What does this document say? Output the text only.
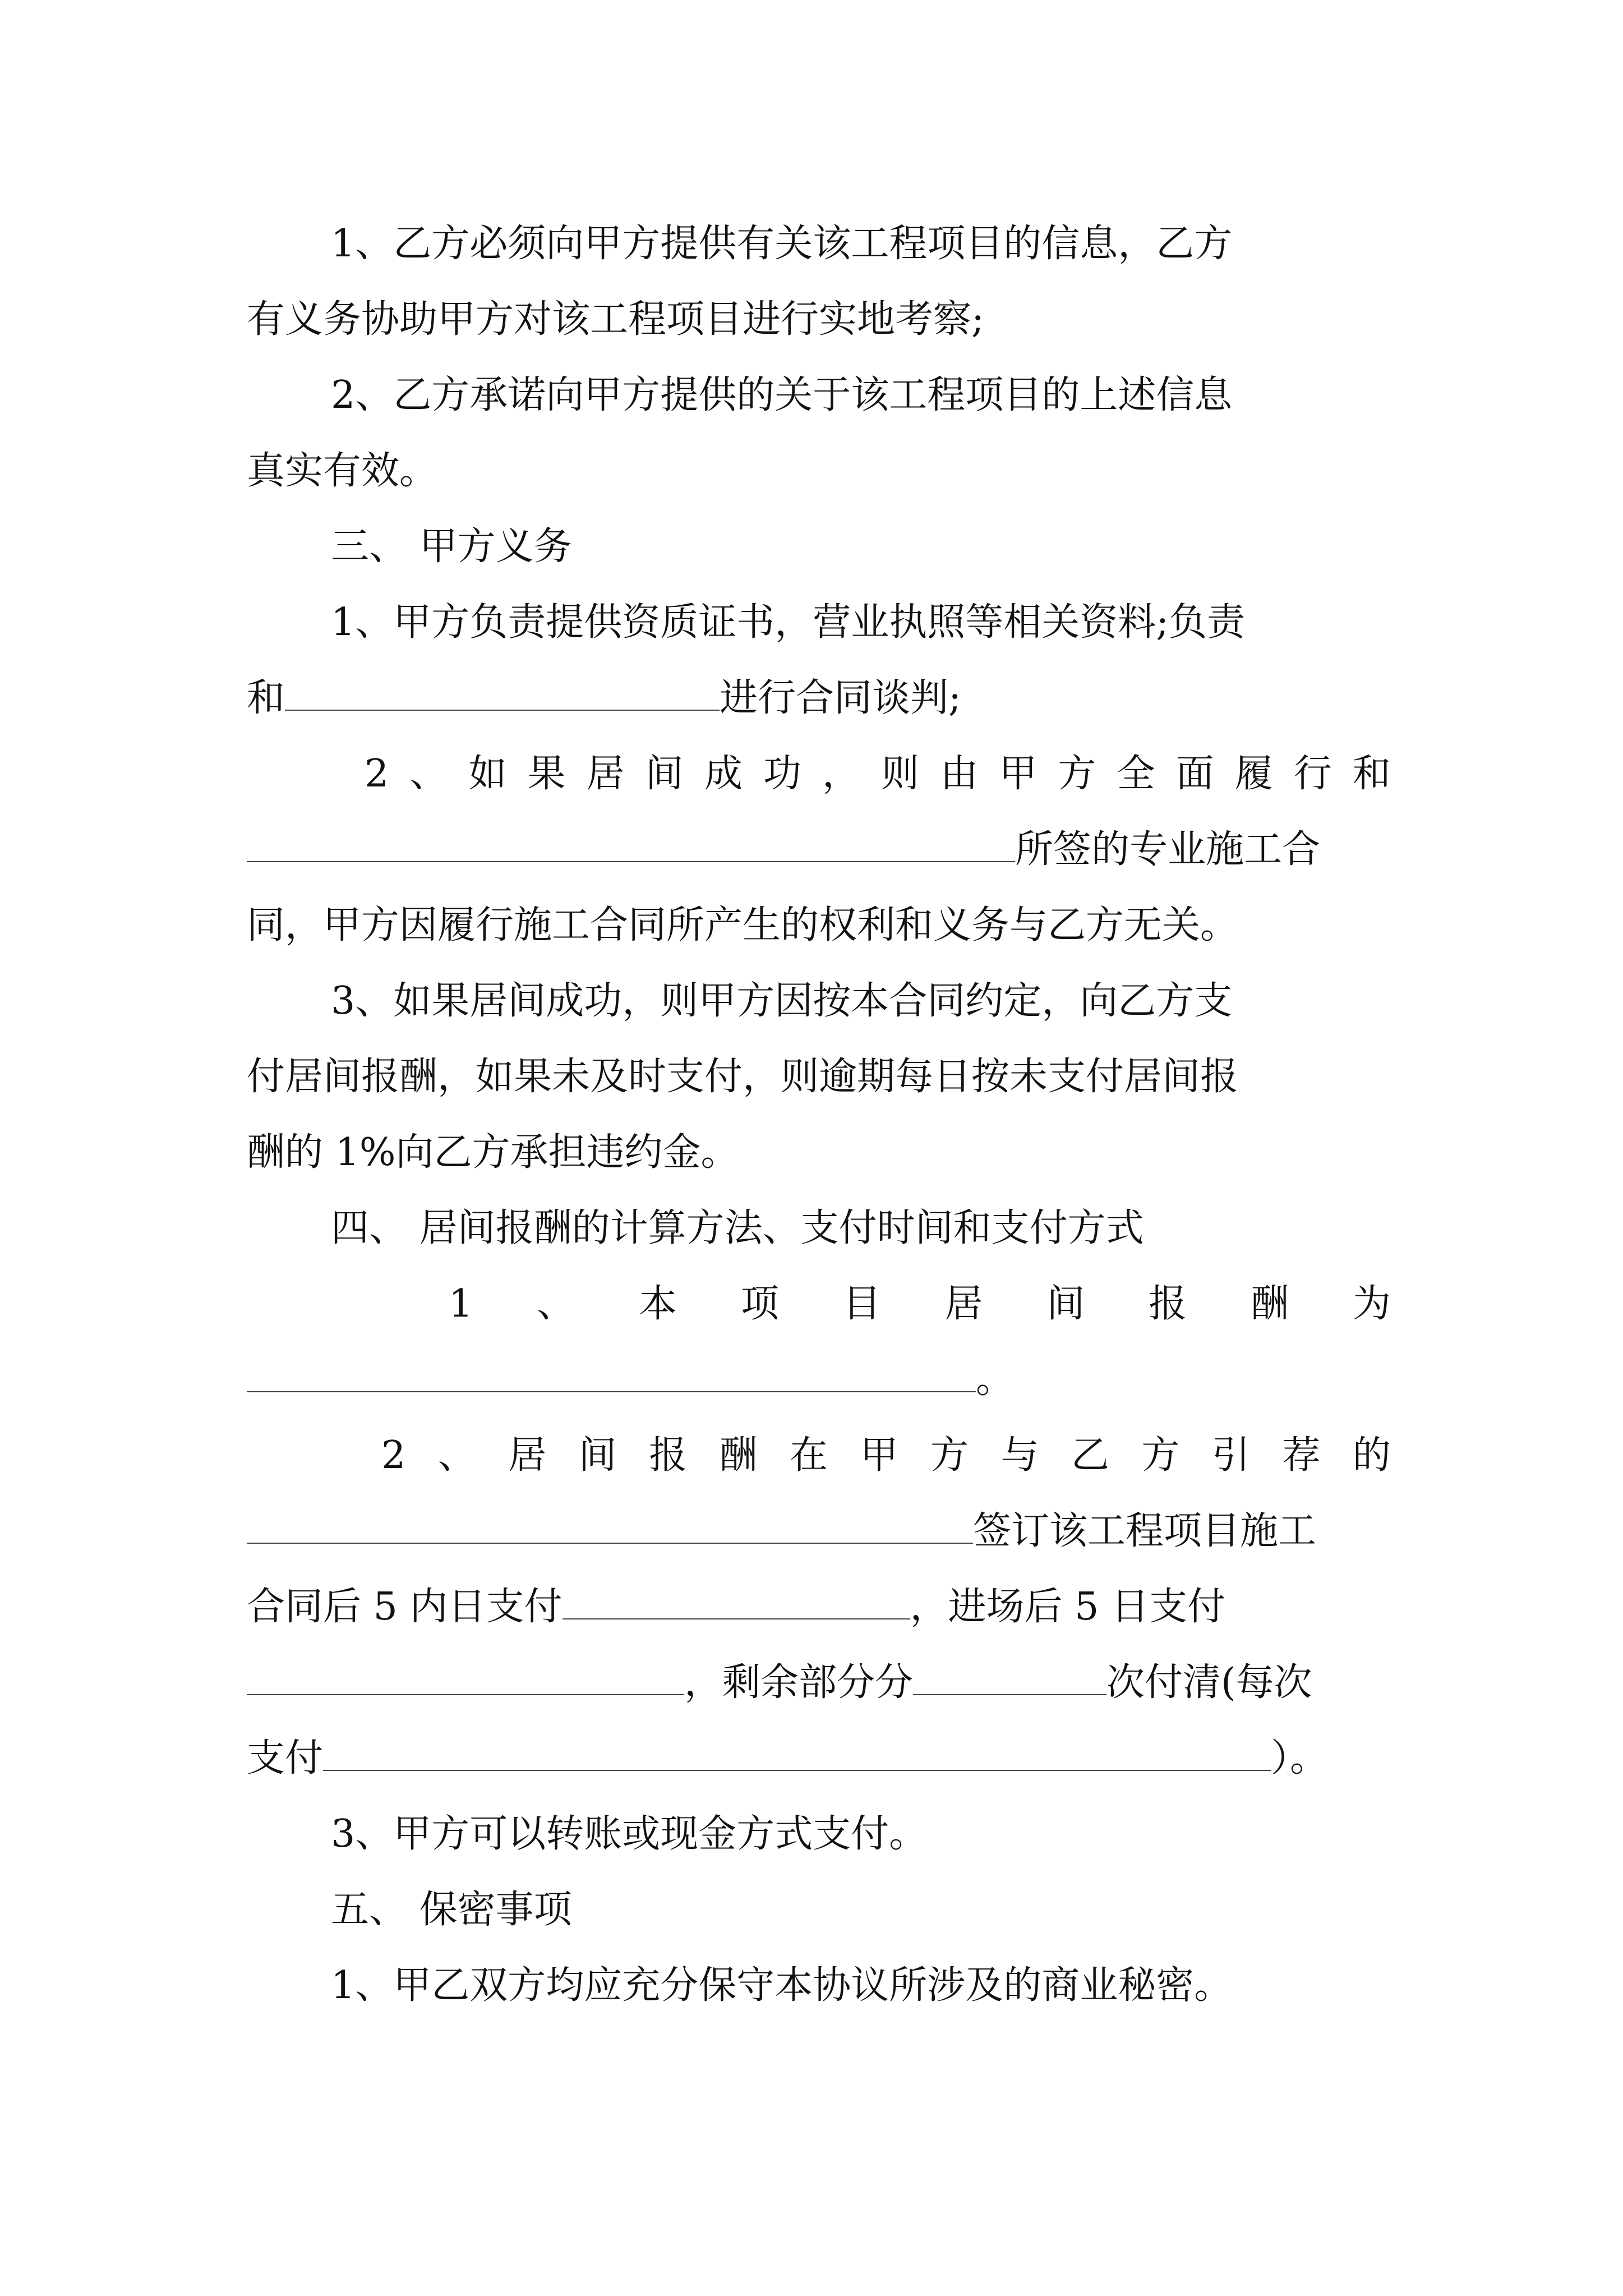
1、乙方必须向甲方提供有关该工程项目的信息，乙方
有义务协助甲方对该工程项目进行实地考察;
2、乙方承诺向甲方提供的关于该工程项目的上述信息
真实有效。
三、 甲方义务
1、甲方负责提供资质证书，营业执照等相关资料;负责
和	进行合同谈判;
2 、 如 果 居 间 成 功 ， 则 由 甲 方 全 面 履 行 和
所签的专业施工合
同，甲方因履行施工合同所产生的权利和义务与乙方无关。
3、如果居间成功，则甲方因按本合同约定，向乙方支
付居间报酬，如果未及时支付，则逾期每日按未支付居间报
酬的 1%向乙方承担违约金。
四、 居间报酬的计算方法、支付时间和支付方式
1 、 本 项 目 居 间 报 酬 为
。
2 、 居 间 报 酬 在 甲 方 与 乙 方 引 荐 的
签订该工程项目施工
合同后 5 内日支付	，进场后 5 日支付
，剩余部分分	次付清(每次
支付	）。
3、甲方可以转账或现金方式支付。
五、 保密事项
1、甲乙双方均应充分保守本协议所涉及的商业秘密。
